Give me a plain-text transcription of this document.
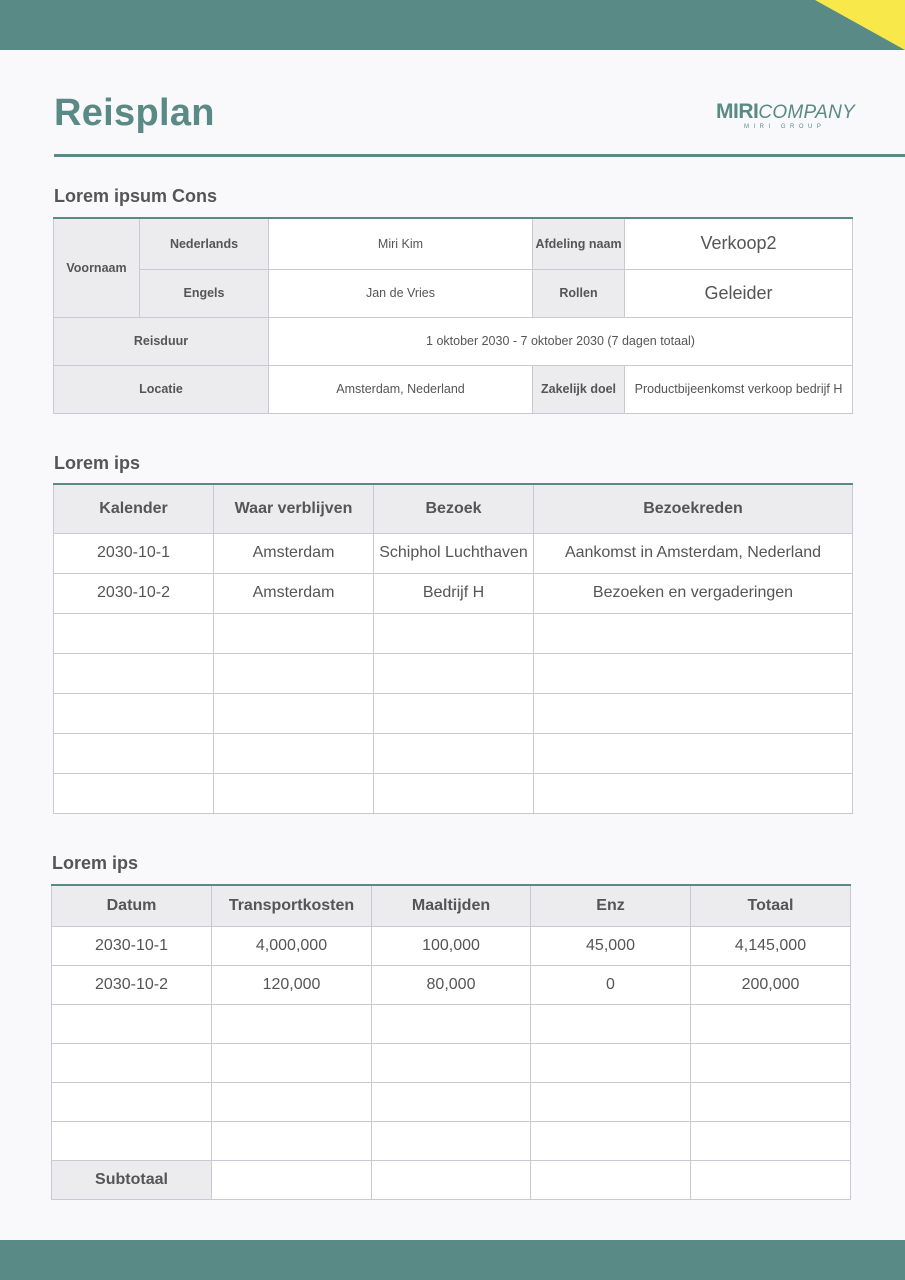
Reisplan	MIRICOMPANY
MIRI GROUP
Lorem ipsum Cons
Voornaam	Nederlands	Miri Kim	Afdeling naam	Verkoop2
	Engels	Jan de Vries	Rollen	Geleider
Reisduur		1 oktober 2030 - 7 oktober 2030 (7 dagen totaal)		
Locatie		Amsterdam, Nederland	Zakelijk doel	Productbijeenkomst verkoop bedrijf H
Lorem ips
Kalender	Waar verblijven	Bezoek	Bezoekreden
2030-10-1	Amsterdam	Schiphol Luchthaven	Aankomst in Amsterdam, Nederland
2030-10-2	Amsterdam	Bedrijf H	Bezoeken en vergaderingen

Lorem ips
Datum	Transportkosten	Maaltijden	Enz	Totaal
2030-10-1	4,000,000	100,000	45,000	4,145,000
2030-10-2	120,000	80,000	0	200,000

Subtotaal				
